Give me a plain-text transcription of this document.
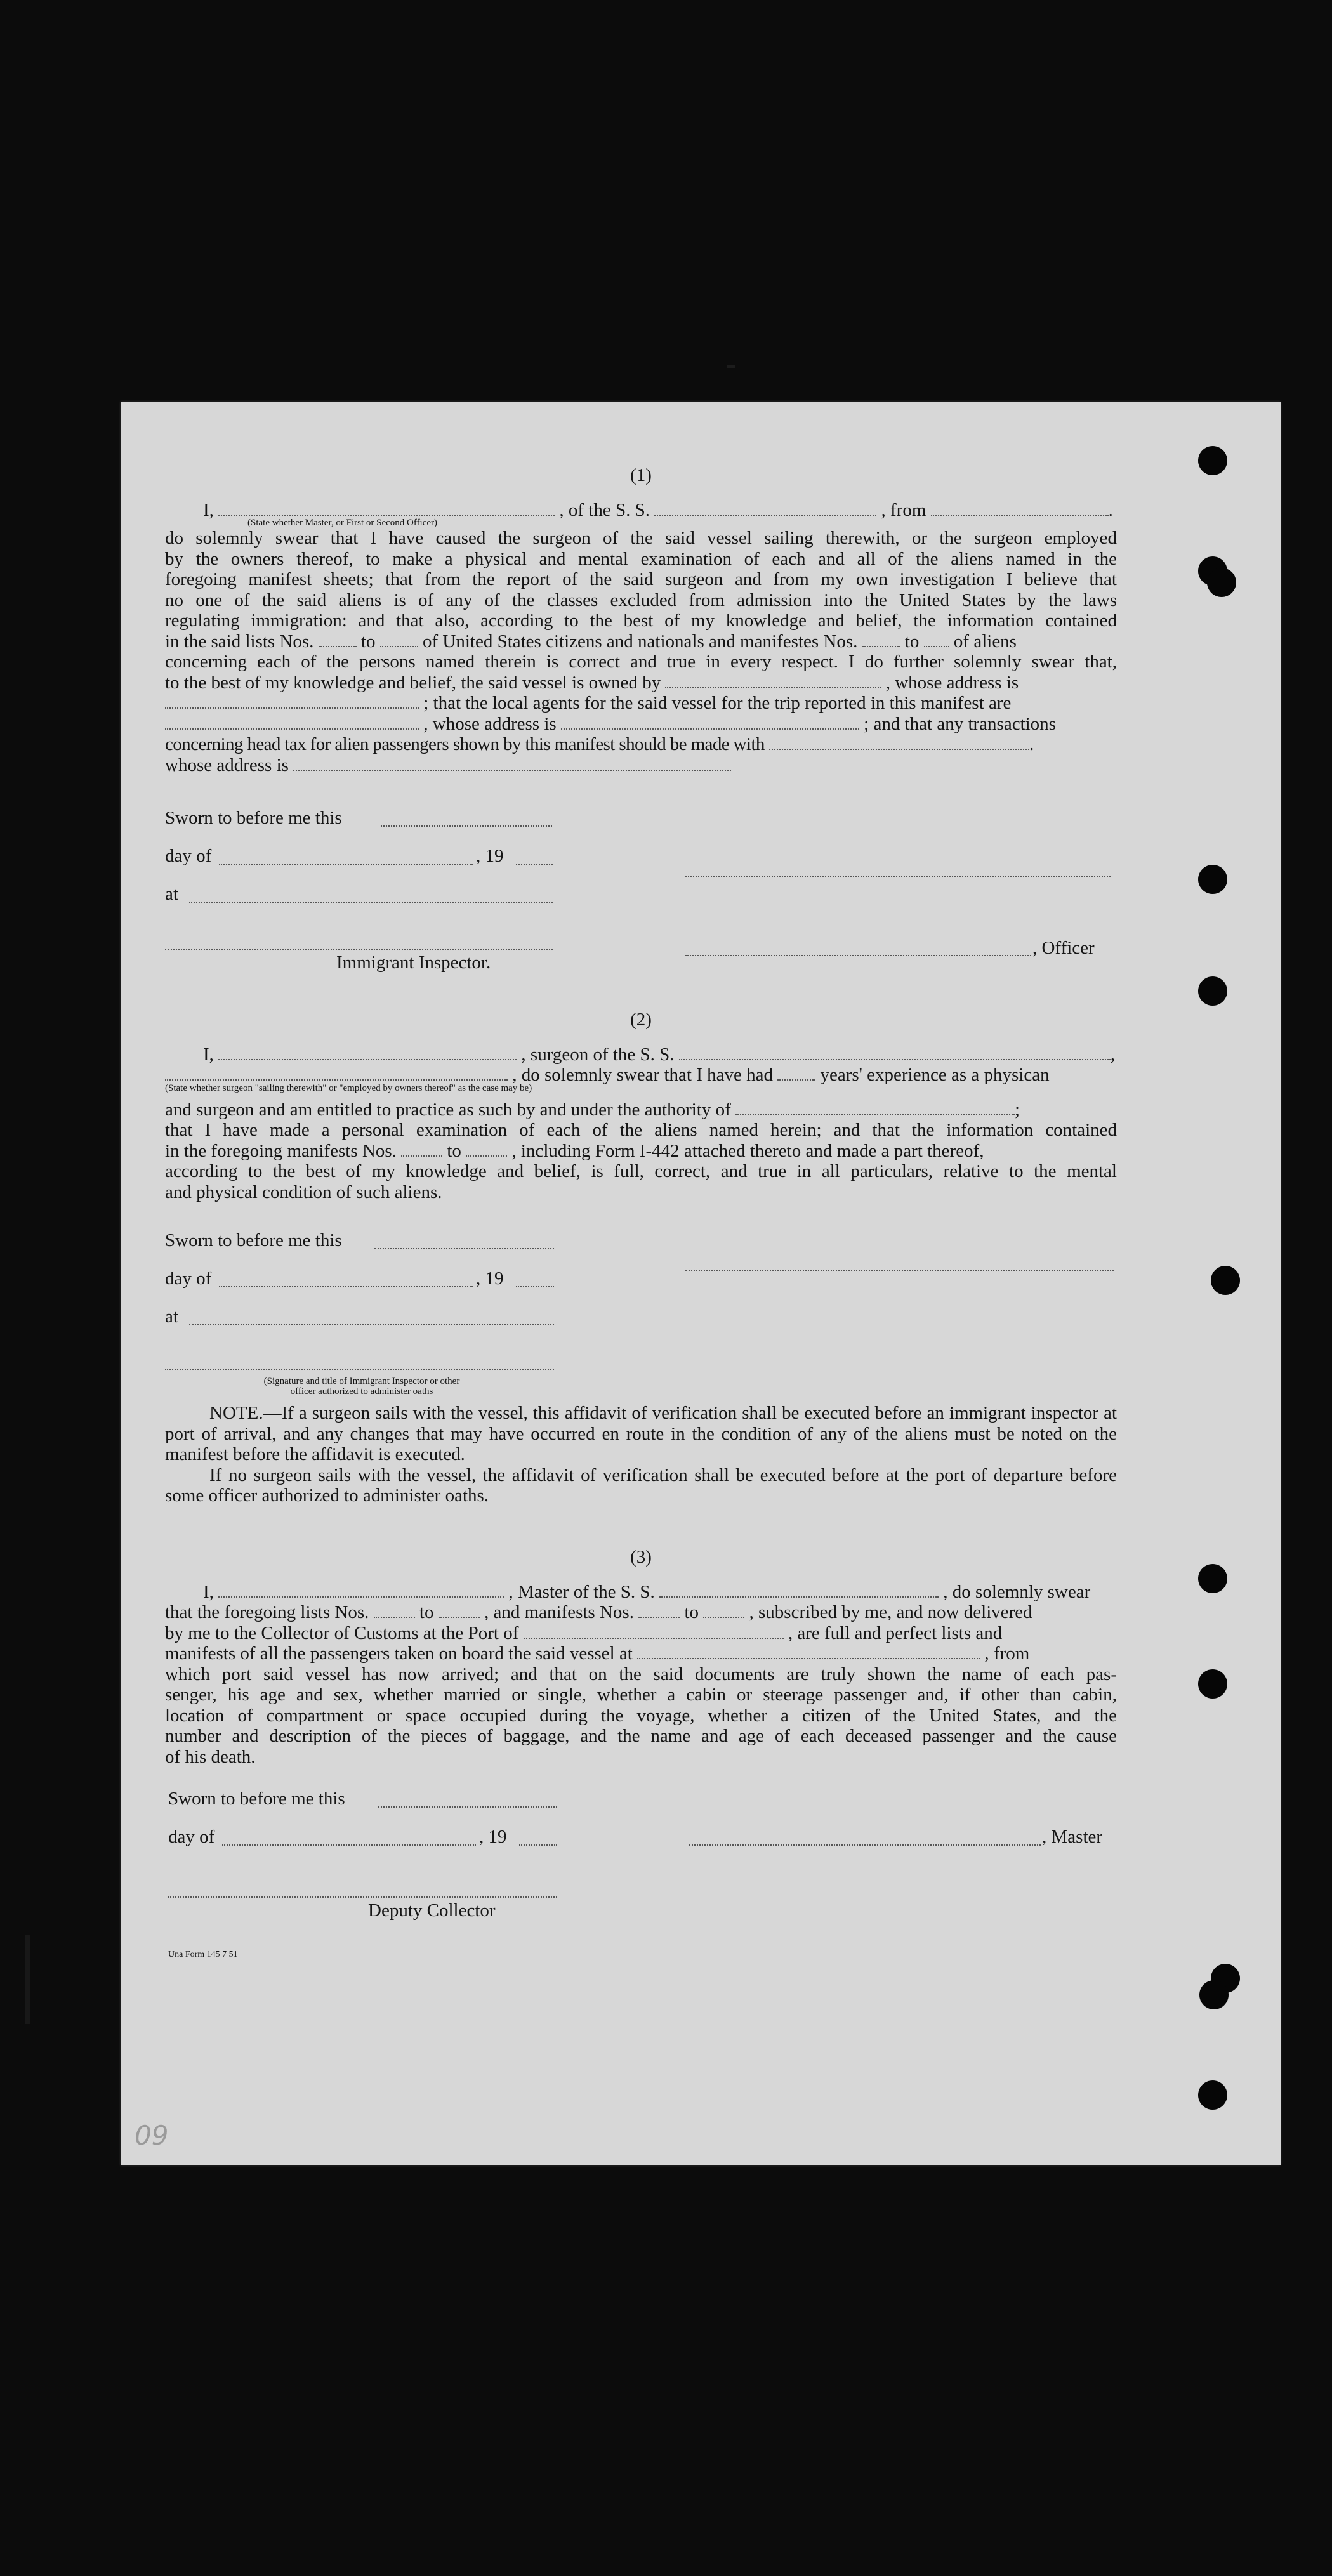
(1)
I,	, of the S. S.	, from	.
(State whether Master, or First or Second Officer)
do solemnly swear that I have caused the surgeon of the said vessel sailing therewith, or the surgeon employed
by the owners thereof, to make a physical and mental examination of each and all of the aliens named in the
foregoing manifest sheets; that from the report of the said surgeon and from my own investigation I believe that
no one of the said aliens is of any of the classes excluded from admission into the United States by the laws
regulating immigration: and that also, according to the best of my knowledge and belief, the information contained
in the said lists Nos.	to	of United States citizens and nationals and manifestes Nos.	to of aliens
concerning each of the persons named therein is correct and true in every respect. I do further solemnly swear that,
to the best of my knowledge and belief, the said vessel is owned by	, whose address is
; that the local agents for the said vessel for the trip reported in this manifest are
, whose address is	; and that any transactions
concerning head tax for alien passengers shown by this manifest should be made with	.
whose address is
Sworn to before me this
day of	, 19
at
, Officer
Immigrant Inspector.
(2)
I,	, surgeon of the S. S.	,
, do solemnly swear that I have had	years' experience as a physican
(State whether surgeon "sailing therewith" or "employed by owners thereof" as the case may be)
and surgeon and am entitled to practice as such by and under the authority of	;
that I have made a personal examination of each of the aliens named herein; and that the information contained
in the foregoing manifests Nos.	to	, including Form I-442 attached thereto and made a part thereof,
according to the best of my knowledge and belief, is full, correct, and true in all particulars, relative to the mental
and physical condition of such aliens.
Sworn to before me this
day of	, 19
at
(Signature and title of Immigrant Inspector or other
officer authorized to administer oaths

NOTE.—If a surgeon sails with the vessel, this affidavit of verification shall be executed before an immigrant inspector at port of arrival, and any changes that may have occurred en route in the condition of any of the aliens must be noted on the manifest before the affidavit is executed.

If no surgeon sails with the vessel, the affidavit of verification shall be executed before at the port of departure before some officer authorized to administer oaths.

(3)
I,	, Master of the S. S.	, do solemnly swear
that the foregoing lists Nos.	to	, and manifests Nos.	to	, subscribed by me, and now delivered
by me to the Collector of Customs at the Port of	, are full and perfect lists and
manifests of all the passengers taken on board the said vessel at	, from
which port said vessel has now arrived; and that on the said documents are truly shown the name of each pas-
senger, his age and sex, whether married or single, whether a cabin or steerage passenger and, if other than cabin,
location of compartment or space occupied during the voyage, whether a citizen of the United States, and the
number and description of the pieces of baggage, and the name and age of each deceased passenger and the cause
of his death.
Sworn to before me this
day of	, 19	, Master
Deputy Collector
Una Form 145 7 51
09
